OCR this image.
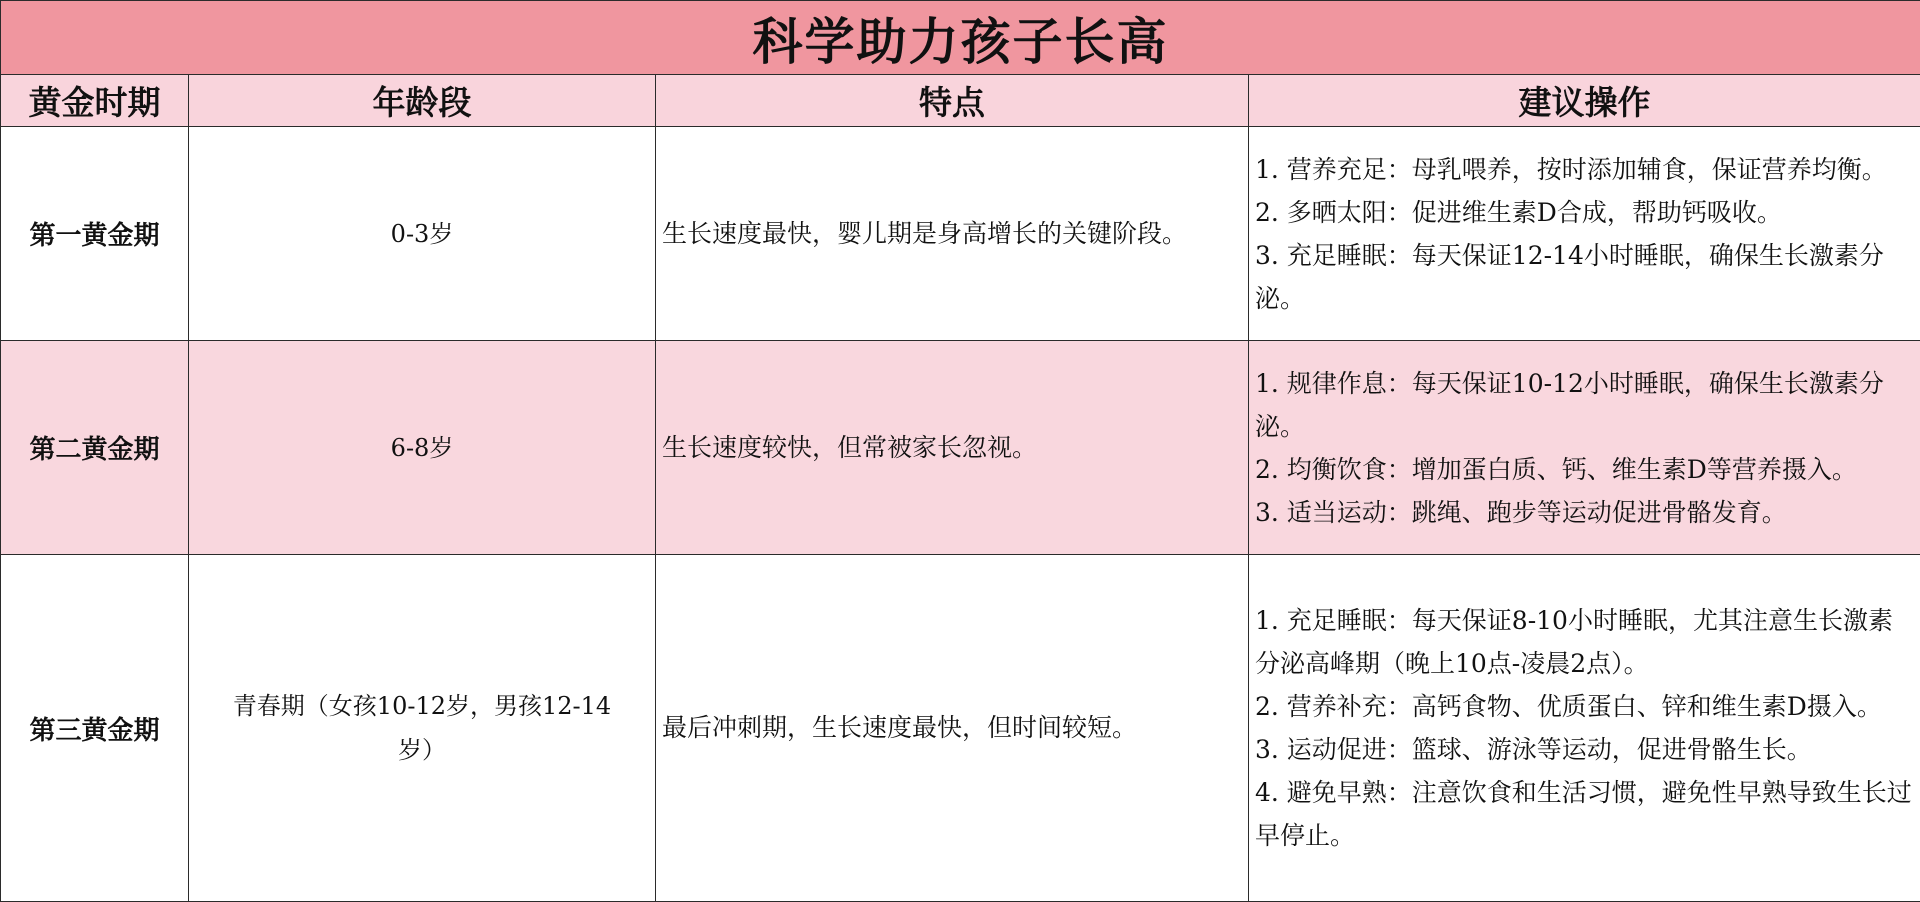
科学助力孩子长高			
黄金时期	年龄段	特点	建议操作
第一黄金期	0-3岁	生长速度最快，婴儿期是身高增长的关键阶段。	1. 营养充足：母乳喂养，按时添加辅食，保证营养均衡。
2. 多晒太阳：促进维生素D合成，帮助钙吸收。
3. 充足睡眠：每天保证12-14小时睡眠，确保生长激素分泌。

第二黄金期	6-8岁	生长速度较快，但常被家长忽视。	1. 规律作息：每天保证10-12小时睡眠，确保生长激素分泌。
2. 均衡饮食：增加蛋白质、钙、维生素D等营养摄入。
3. 适当运动：跳绳、跑步等运动促进骨骼发育。

第三黄金期	青春期（女孩10-12岁，男孩12-14岁）	最后冲刺期，生长速度最快，但时间较短。	1. 充足睡眠：每天保证8-10小时睡眠，尤其注意生长激素分泌高峰期（晚上10点-凌晨2点）。
2. 营养补充：高钙食物、优质蛋白、锌和维生素D摄入。
3. 运动促进：篮球、游泳等运动，促进骨骼生长。
4. 避免早熟：注意饮食和生活习惯，避免性早熟导致生长过早停止。
